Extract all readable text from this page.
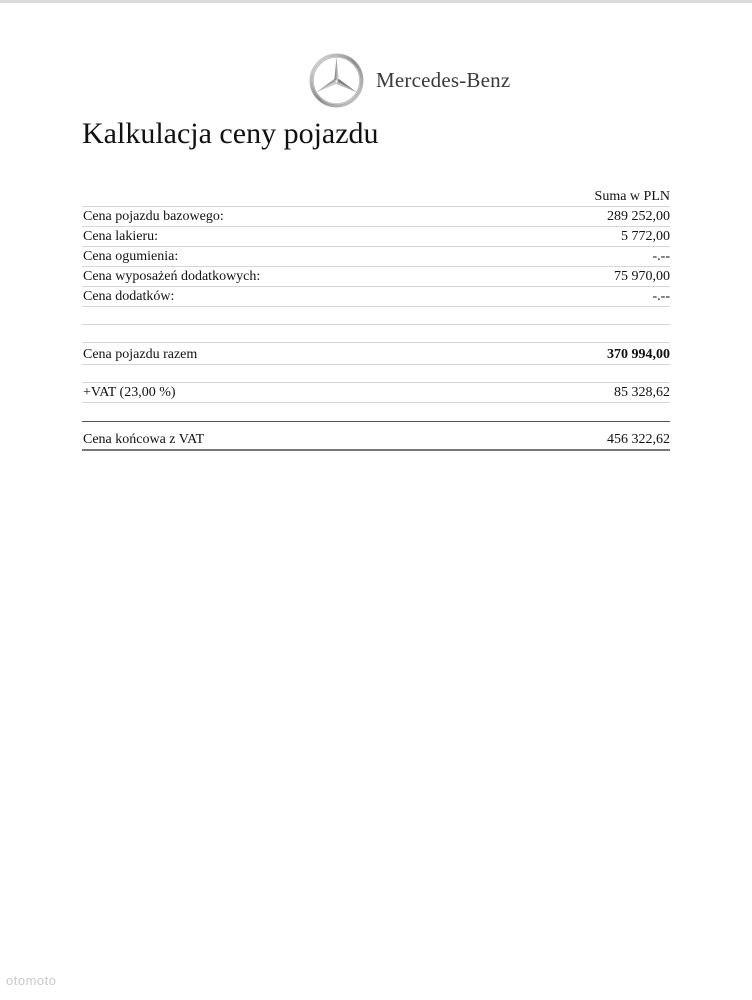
Mercedes-Benz
Kalkulacja ceny pojazdu
Suma w PLN
Cena pojazdu bazowego:	289 252,00
Cena lakieru:	5 772,00
Cena ogumienia:	-.--
Cena wyposażeń dodatkowych:	75 970,00
Cena dodatków:	-.--
Cena pojazdu razem	370 994,00
+VAT (23,00 %)	85 328,62
Cena końcowa z VAT	456 322,62
otomoto
